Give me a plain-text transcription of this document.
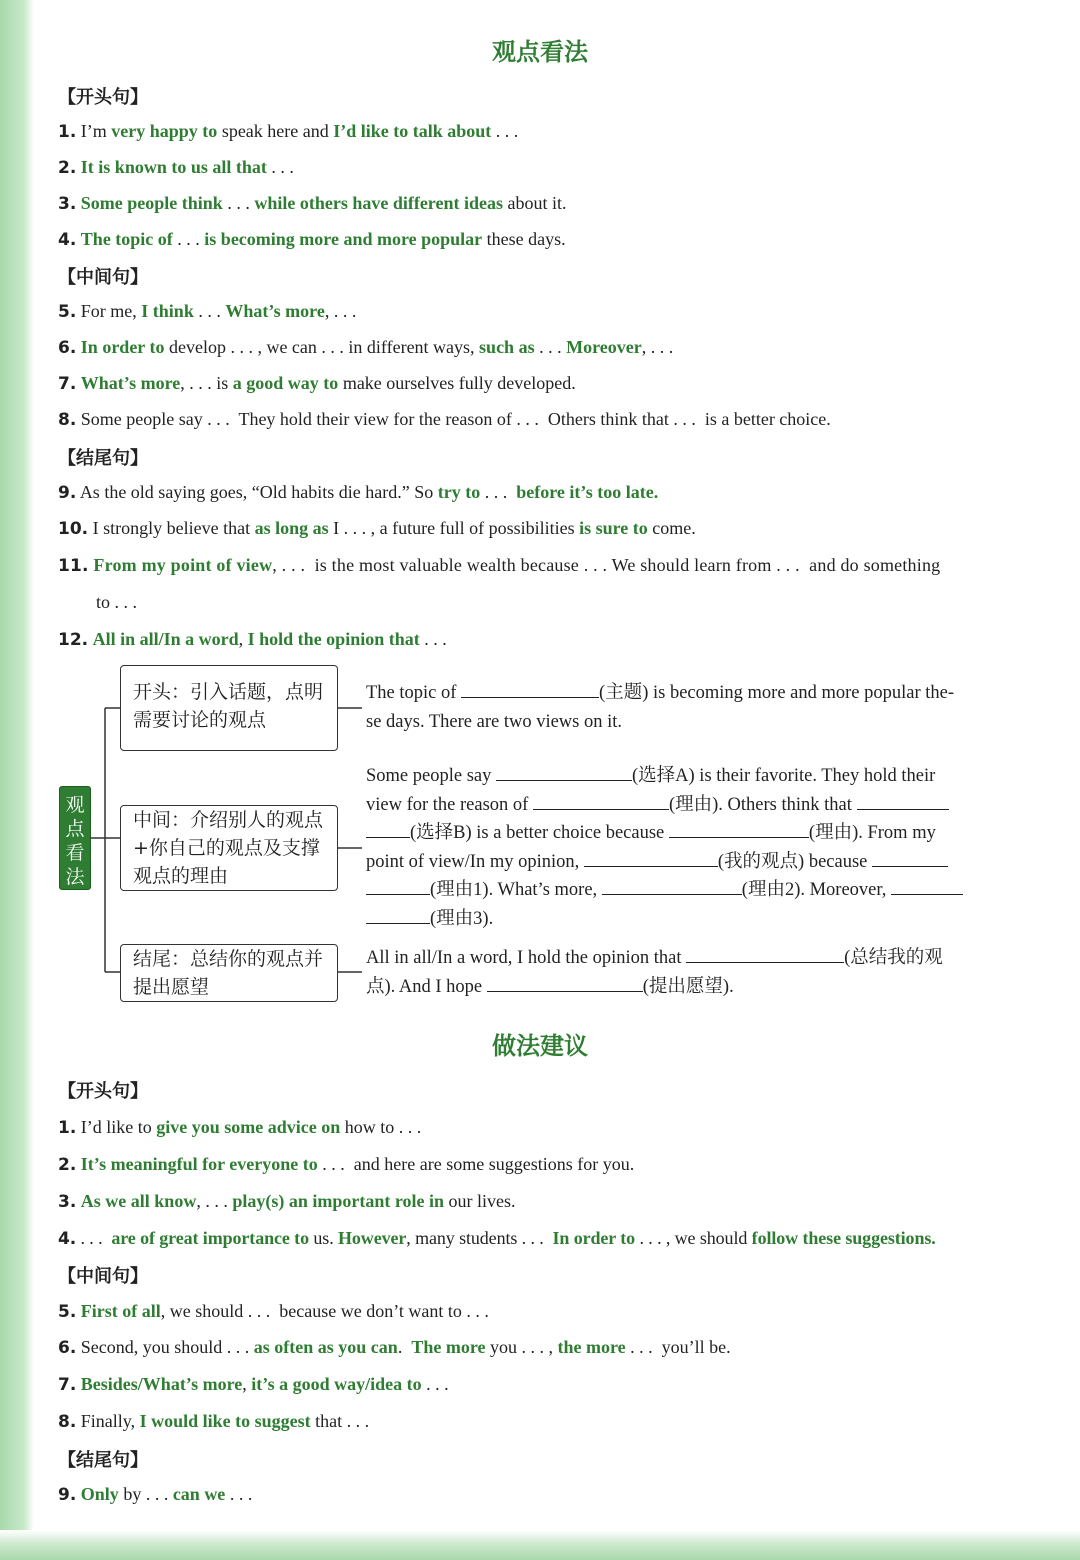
观点看法
【开头句】
1. I’m very happy to speak here and I’d like to talk about . . .
2. It is known to us all that . . .
3. Some people think . . . while others have different ideas about it.
4. The topic of . . . is becoming more and more popular these days.
【中间句】
5. For me, I think . . . What’s more, . . .
6. In order to develop . . . , we can . . . in different ways, such as . . . Moreover, . . .
7. What’s more, . . . is a good way to make ourselves fully developed.
8. Some people say . . .  They hold their view for the reason of . . .  Others think that . . .  is a better choice.
【结尾句】
9. As the old saying goes, “Old habits die hard.” So try to . . .  before it’s too late.
10. I strongly believe that as long as I . . . , a future full of possibilities is sure to come.
11. From my point of view, . . .  is the most valuable wealth because . . . We should learn from . . .  and do something
to . . .
12. All in all/In a word, I hold the opinion that . . .
观点看法
开头：引入话题，点明需要讨论的观点
中间：介绍别人的观点+你自己的观点及支撑观点的理由
结尾：总结你的观点并提出愿望
The topic of	(主题) is becoming more and more popular the-
se days. There are two views on it.
Some people say	(选择A) is their favorite. They hold their
view for the reason of	(理由). Others think that
(选择B) is a better choice because	(理由). From my
point of view/In my opinion,	(我的观点) because
(理由1). What’s more,	(理由2). Moreover,
(理由3).
All in all/In a word, I hold the opinion that	(总结我的观
点). And I hope	(提出愿望).
做法建议
【开头句】
1. I’d like to give you some advice on how to . . .
2. It’s meaningful for everyone to . . .  and here are some suggestions for you.
3. As we all know, . . . play(s) an important role in our lives.
4. . . .  are of great importance to us. However, many students . . .  In order to . . . , we should follow these suggestions.
【中间句】
5. First of all, we should . . .  because we don’t want to . . .
6. Second, you should . . . as often as you can.  The more you . . . , the more . . .  you’ll be.
7. Besides/What’s more, it’s a good way/idea to . . .
8. Finally, I would like to suggest that . . .
【结尾句】
9. Only by . . . can we . . .
